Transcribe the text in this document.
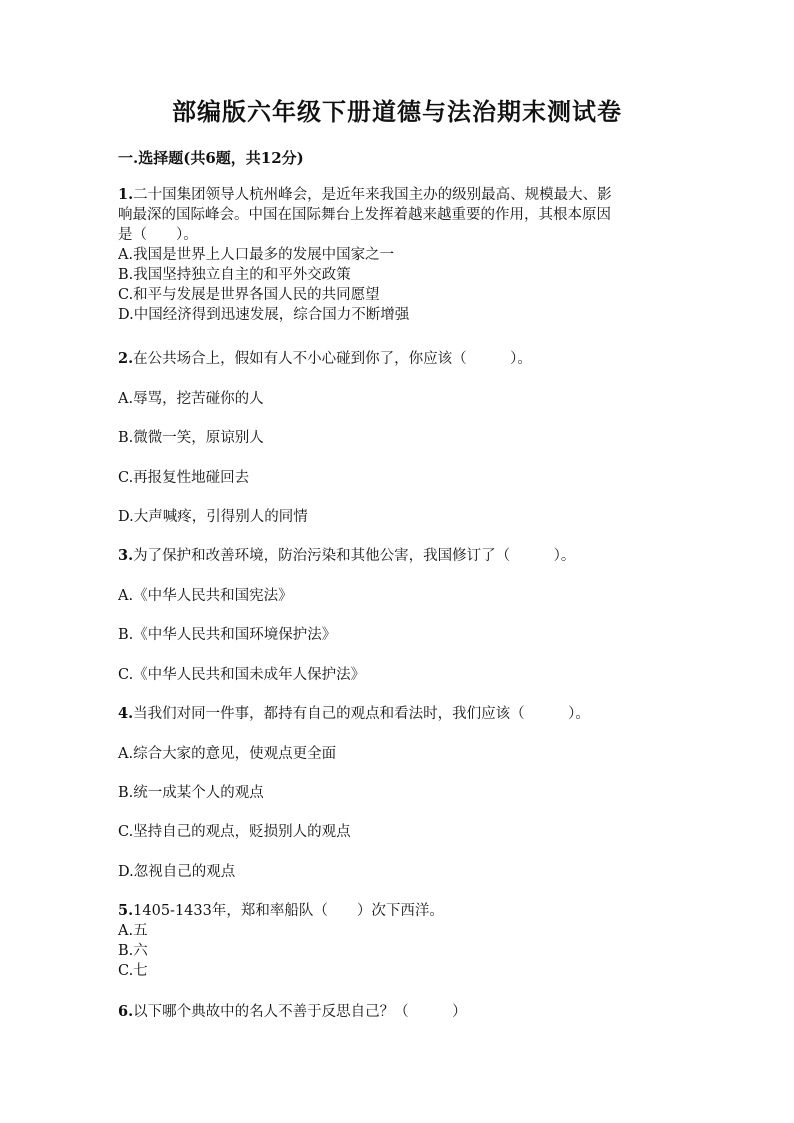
部编版六年级下册道德与法治期末测试卷
一.选择题(共6题，共12分)
1.二十国集团领导人杭州峰会，是近年来我国主办的级别最高、规模最大、影
响最深的国际峰会。中国在国际舞台上发挥着越来越重要的作用，其根本原因
是（　　）。
A.我国是世界上人口最多的发展中国家之一
B.我国坚持独立自主的和平外交政策
C.和平与发展是世界各国人民的共同愿望
D.中国经济得到迅速发展，综合国力不断增强
2.在公共场合上，假如有人不小心碰到你了，你应该（　　　）。
A.辱骂，挖苦碰你的人
B.微微一笑，原谅别人
C.再报复性地碰回去
D.大声喊疼，引得别人的同情
3.为了保护和改善环境，防治污染和其他公害，我国修订了（　　　）。
A.《中华人民共和国宪法》
B.《中华人民共和国环境保护法》
C.《中华人民共和国未成年人保护法》
4.当我们对同一件事，都持有自己的观点和看法时，我们应该（　　　）。
A.综合大家的意见，使观点更全面
B.统一成某个人的观点
C.坚持自己的观点，贬损别人的观点
D.忽视自己的观点
5.1405-1433年，郑和率船队（　　）次下西洋。
A.五
B.六
C.七
6.以下哪个典故中的名人不善于反思自己？（　　　）
